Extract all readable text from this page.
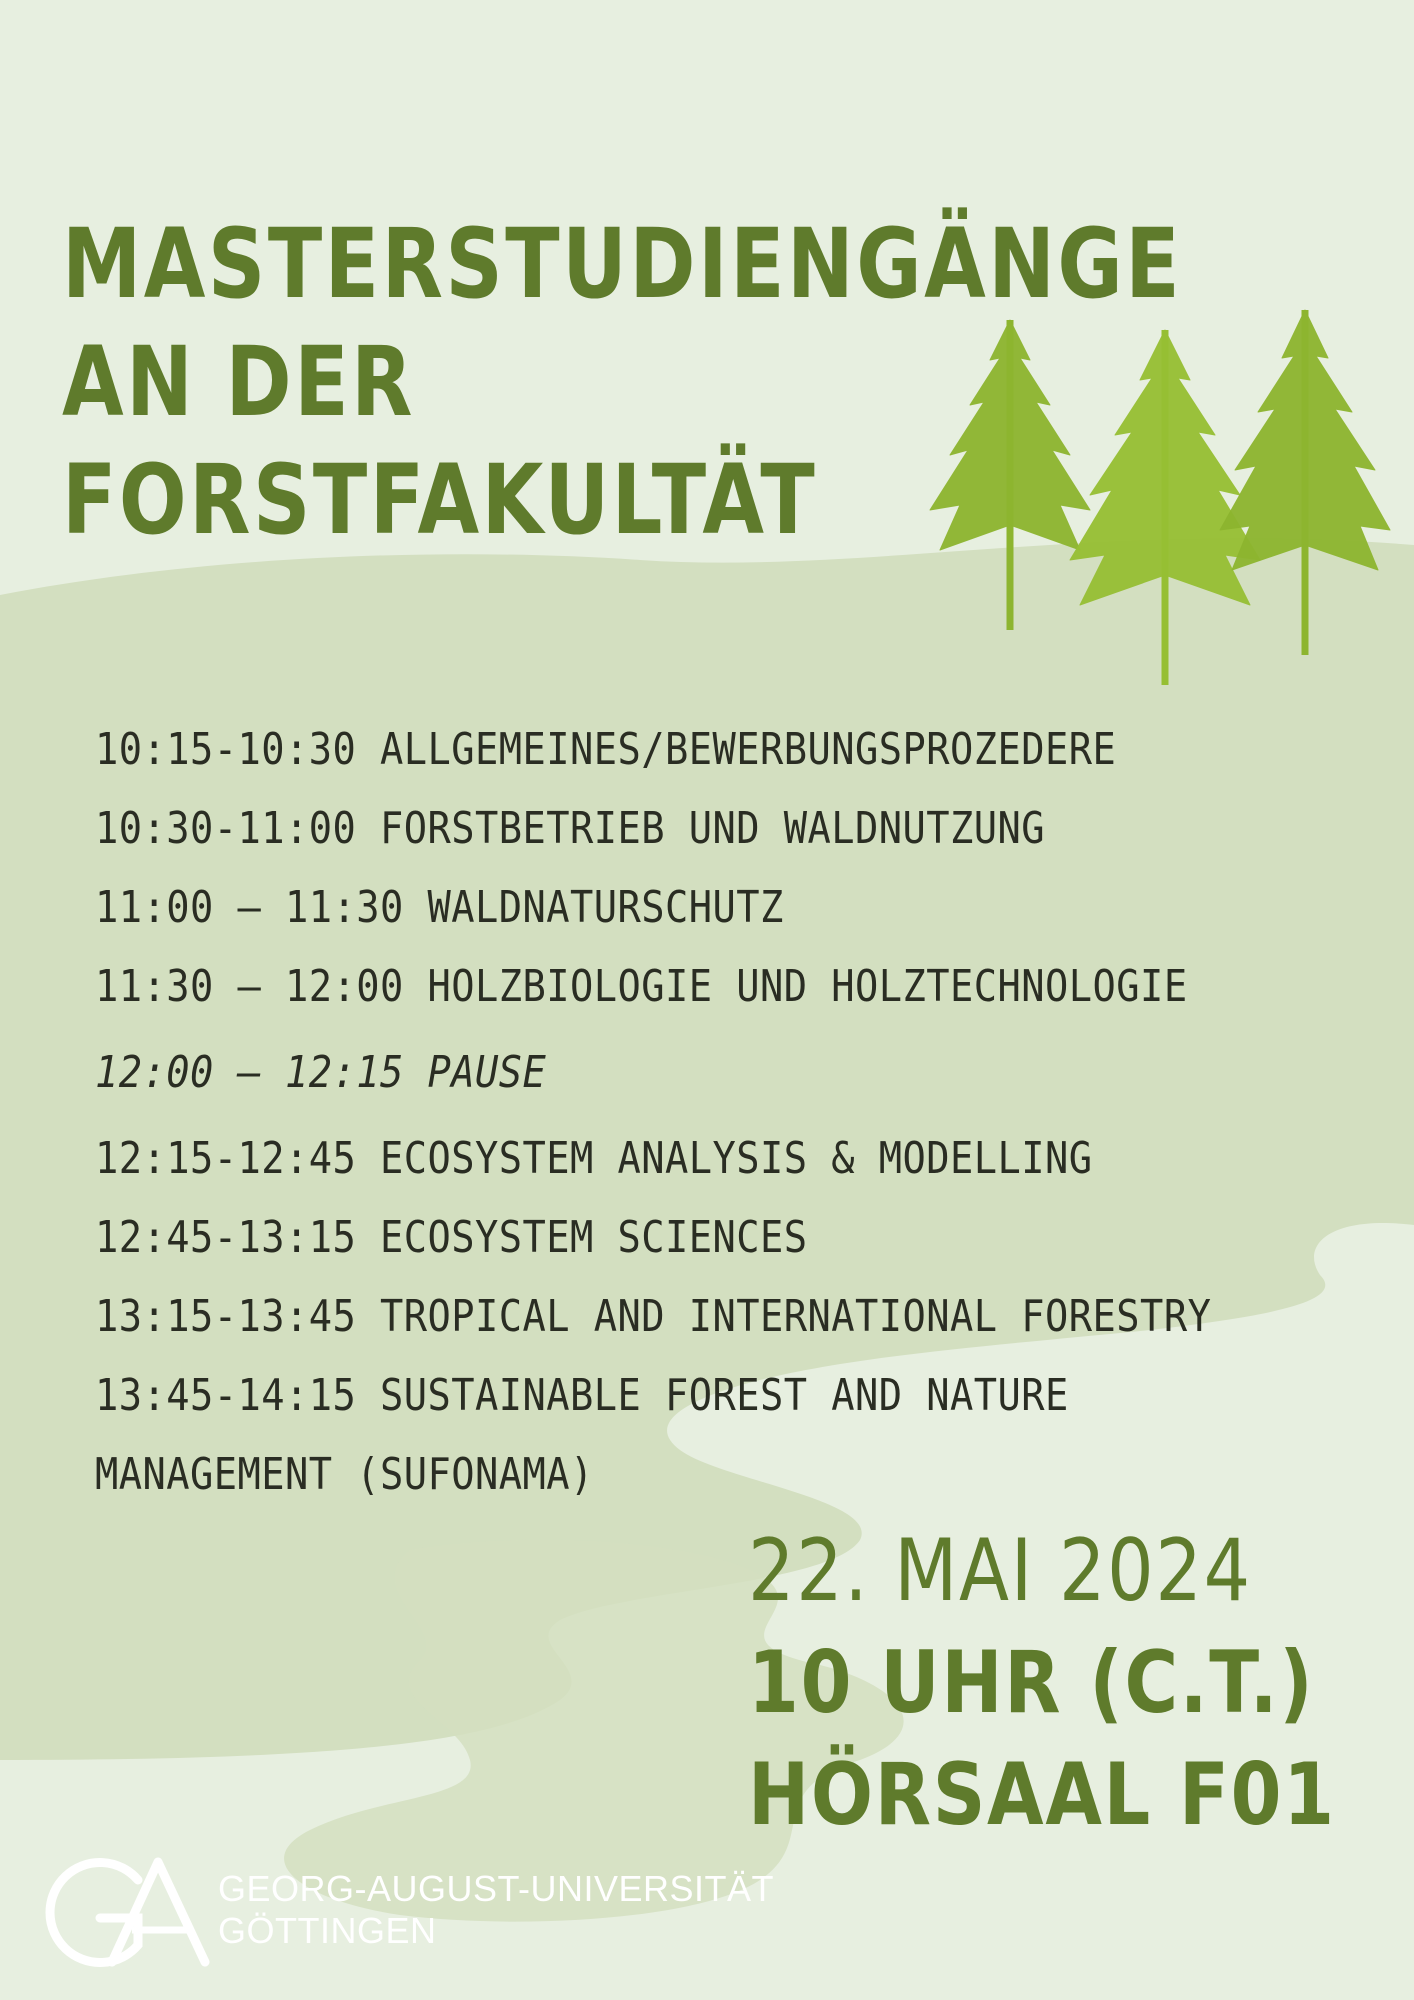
MASTERSTUDIENGÄNGE
AN DER
FORSTFAKULTÄT
10:15-10:30 ALLGEMEINES/BEWERBUNGSPROZEDERE
10:30-11:00 FORSTBETRIEB UND WALDNUTZUNG
11:00 – 11:30 WALDNATURSCHUTZ
11:30 – 12:00 HOLZBIOLOGIE UND HOLZTECHNOLOGIE
12:00 – 12:15 PAUSE
12:15-12:45 ECOSYSTEM ANALYSIS & MODELLING
12:45-13:15 ECOSYSTEM SCIENCES
13:15-13:45 TROPICAL AND INTERNATIONAL FORESTRY
13:45-14:15 SUSTAINABLE FOREST AND NATURE
MANAGEMENT (SUFONAMA)
22. MAI 2024
10 UHR (C.T.)
HÖRSAAL F01
GEORG-AUGUST-UNIVERSITÄT
GÖTTINGEN
